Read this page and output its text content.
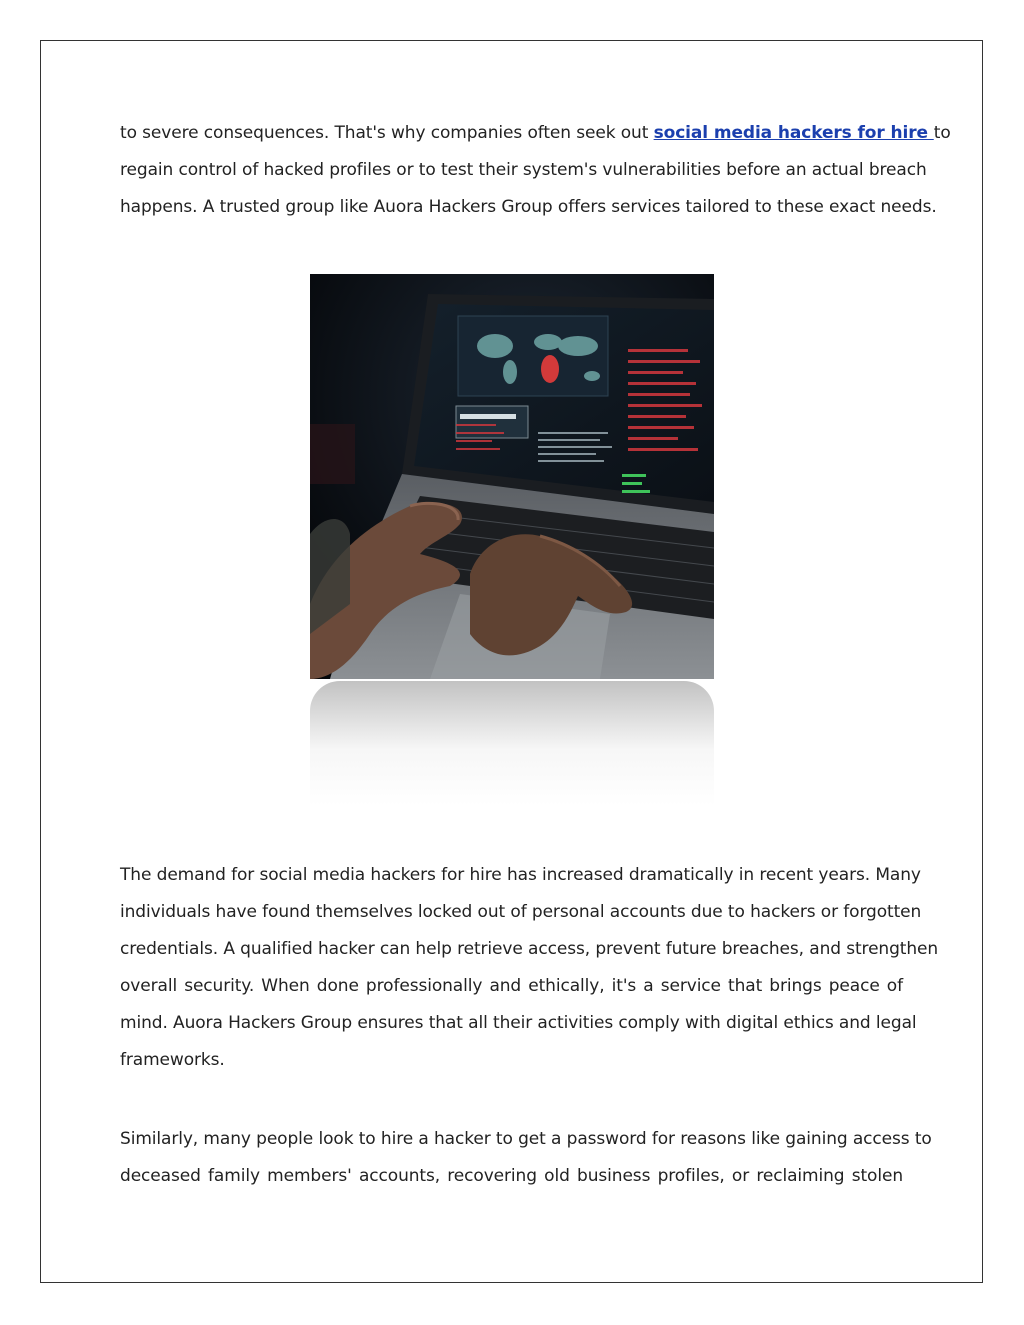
to severe consequences. That's why companies often seek out social media hackers for hire to
regain control of hacked profiles or to test their system's vulnerabilities before an actual breach
happens. A trusted group like Auora Hackers Group offers services tailored to these exact needs.

The demand for social media hackers for hire has increased dramatically in recent years. Many
individuals have found themselves locked out of personal accounts due to hackers or forgotten
credentials. A qualified hacker can help retrieve access, prevent future breaches, and strengthen
overall security. When done professionally and ethically, it's a service that brings peace of
mind. Auora Hackers Group ensures that all their activities comply with digital ethics and legal
frameworks.

Similarly, many people look to hire a hacker to get a password for reasons like gaining access to
deceased family members' accounts, recovering old business profiles, or reclaiming stolen
